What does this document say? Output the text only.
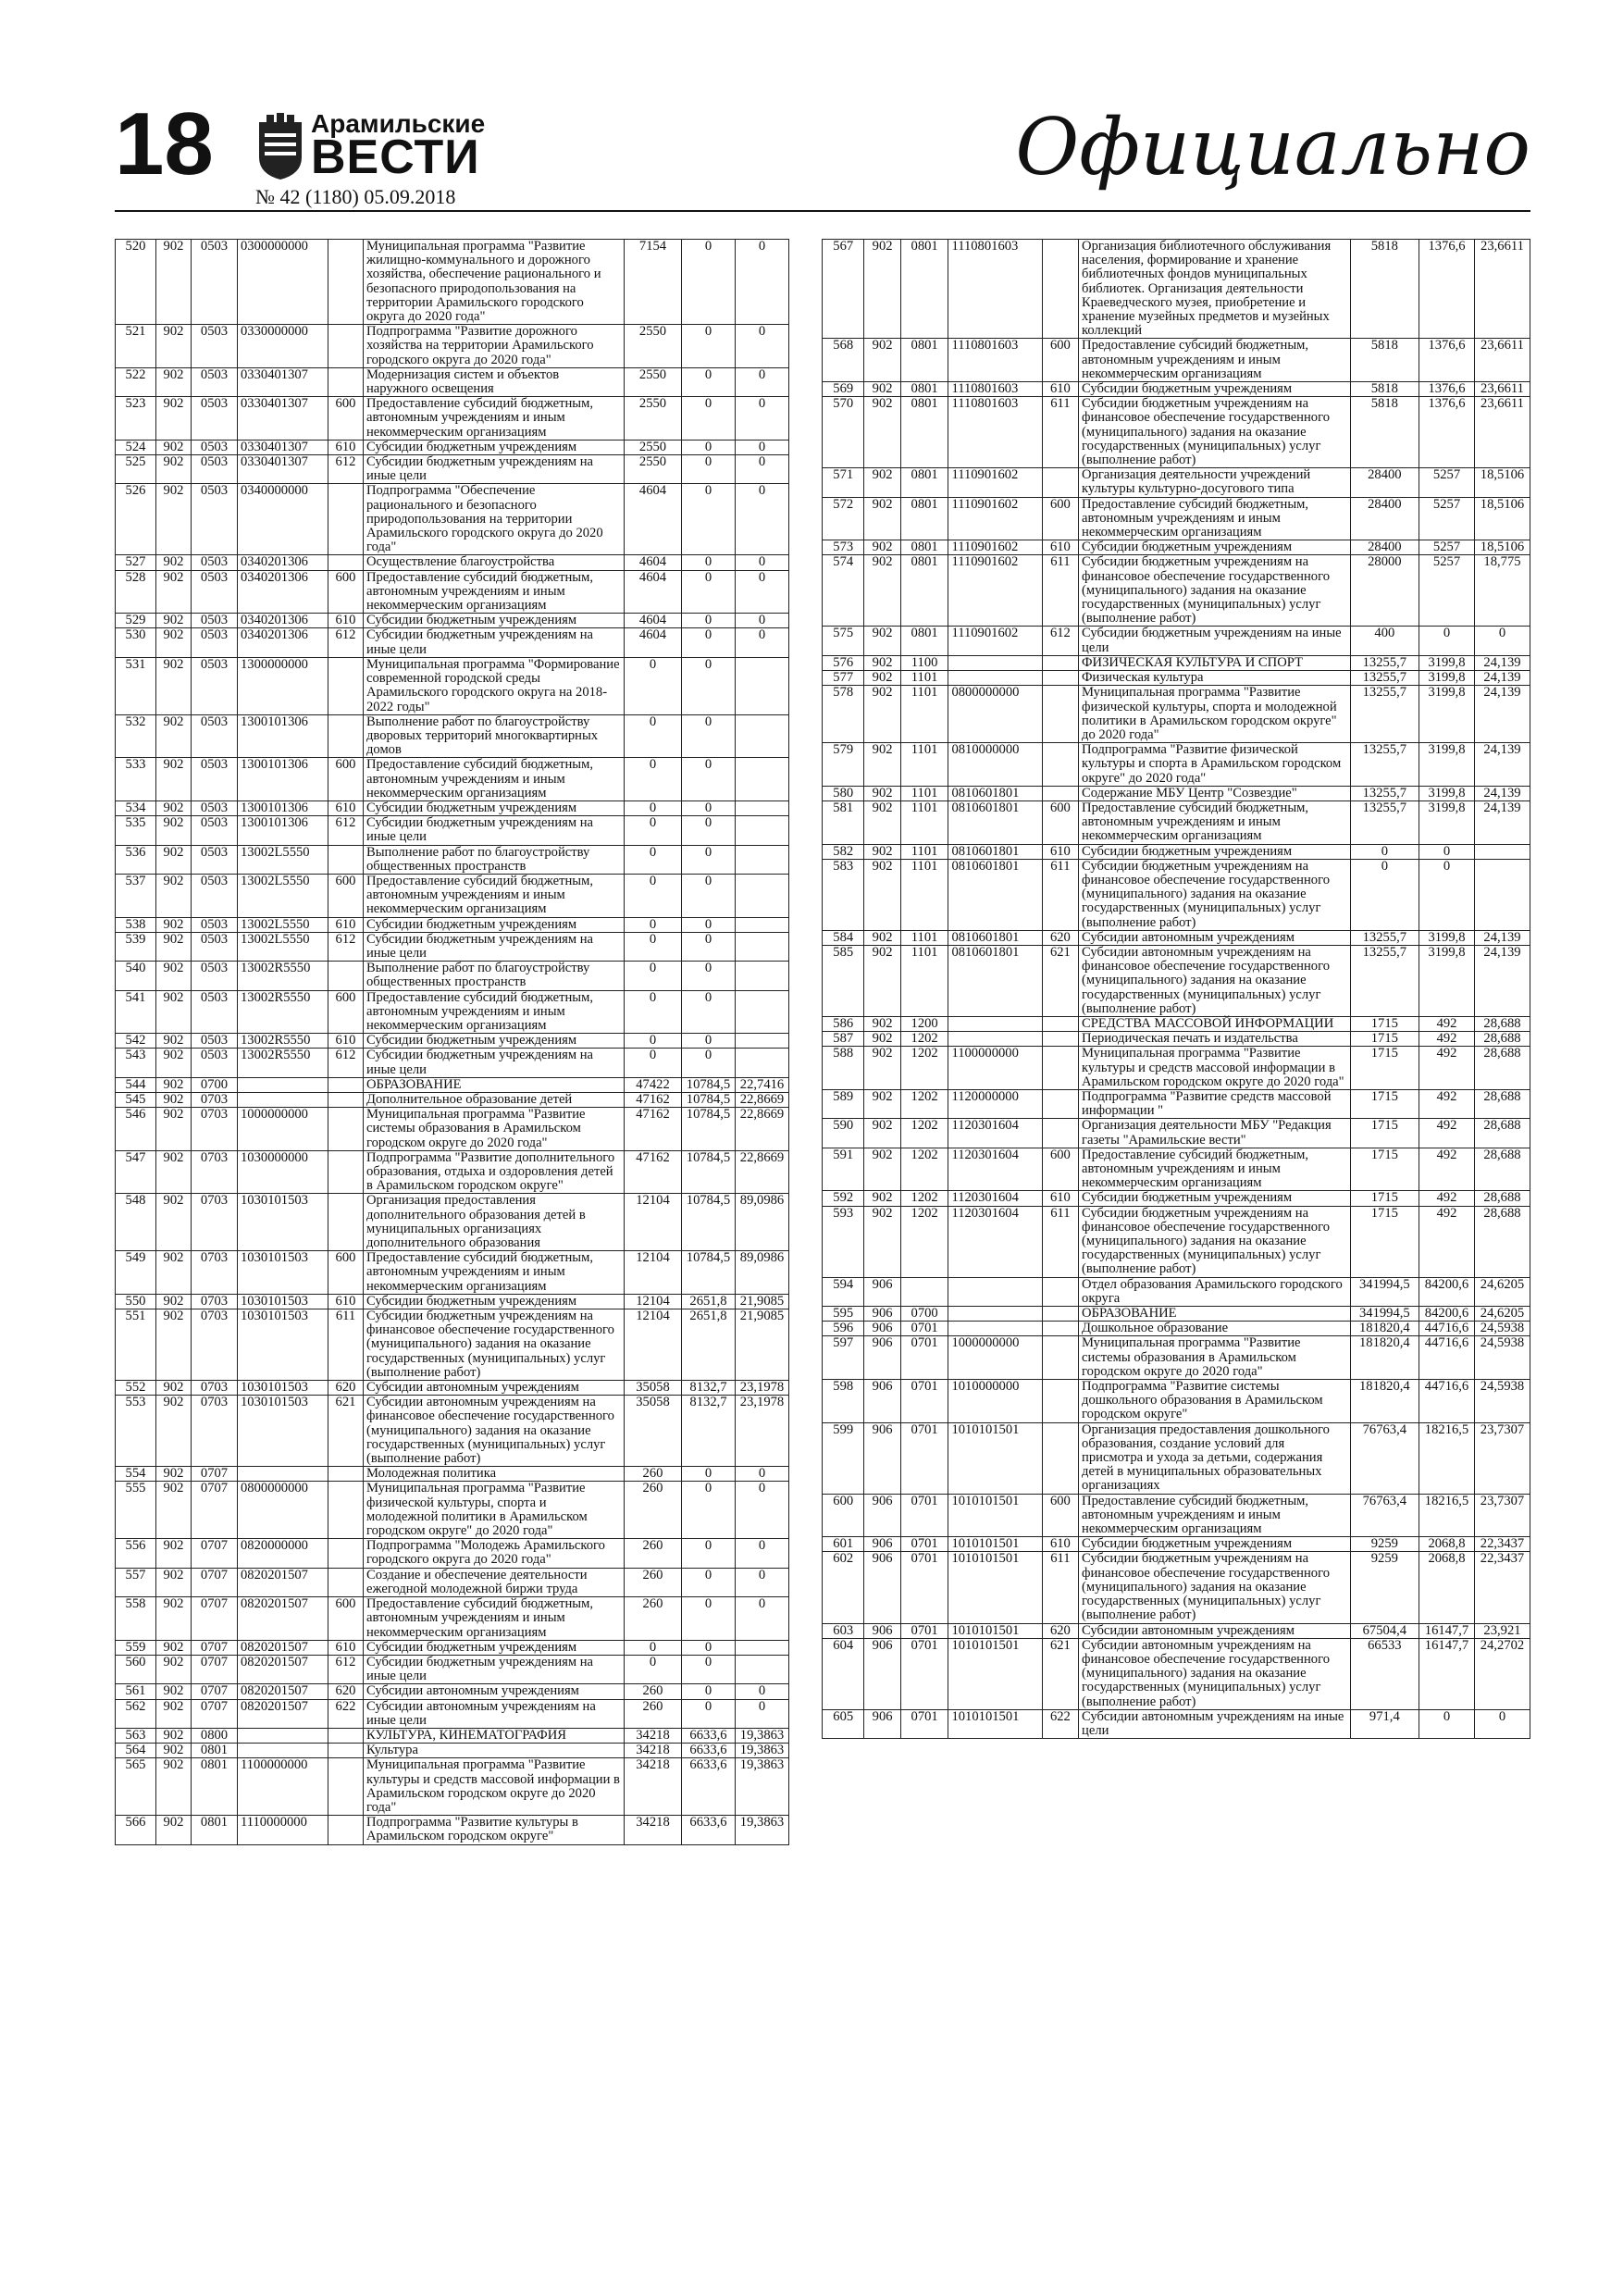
18	Арамильские
ВЕСТИ
№ 42 (1180) 05.09.2018
Официально
520	902	0503	0300000000		Муниципальная программа "Развитие жилищно-коммунального и дорожного хозяйства, обеспечение рационального и безопасного природопользования на территории Арамильского городского округа до 2020 года"	7154	0	0
521	902	0503	0330000000		Подпрограмма "Развитие дорожного хозяйства на территории Арамильского городского округа до 2020 года"	2550	0	0
522	902	0503	0330401307		Модернизация систем и объектов наружного освещения	2550	0	0
523	902	0503	0330401307	600	Предоставление субсидий бюджетным, автономным учреждениям и иным некоммерческим организациям	2550	0	0
524	902	0503	0330401307	610	Субсидии бюджетным учреждениям	2550	0	0
525	902	0503	0330401307	612	Субсидии бюджетным учреждениям на иные цели	2550	0	0
526	902	0503	0340000000		Подпрограмма "Обеспечение рационального и безопасного природопользования на территории Арамильского городского округа до 2020 года"	4604	0	0
527	902	0503	0340201306		Осуществление благоустройства	4604	0	0
528	902	0503	0340201306	600	Предоставление субсидий бюджетным, автономным учреждениям и иным некоммерческим организациям	4604	0	0
529	902	0503	0340201306	610	Субсидии бюджетным учреждениям	4604	0	0
530	902	0503	0340201306	612	Субсидии бюджетным учреждениям на иные цели	4604	0	0
531	902	0503	1300000000		Муниципальная программа "Формирование современной городской среды Арамильского городского округа на 2018-2022 годы"	0	0	
532	902	0503	1300101306		Выполнение работ по благоустройству дворовых территорий многоквартирных домов	0	0	
533	902	0503	1300101306	600	Предоставление субсидий бюджетным, автономным учреждениям и иным некоммерческим организациям	0	0	
534	902	0503	1300101306	610	Субсидии бюджетным учреждениям	0	0	
535	902	0503	1300101306	612	Субсидии бюджетным учреждениям на иные цели	0	0	
536	902	0503	13002L5550		Выполнение работ по благоустройству общественных пространств	0	0	
537	902	0503	13002L5550	600	Предоставление субсидий бюджетным, автономным учреждениям и иным некоммерческим организациям	0	0	
538	902	0503	13002L5550	610	Субсидии бюджетным учреждениям	0	0	
539	902	0503	13002L5550	612	Субсидии бюджетным учреждениям на иные цели	0	0	
540	902	0503	13002R5550		Выполнение работ по благоустройству общественных пространств	0	0	
541	902	0503	13002R5550	600	Предоставление субсидий бюджетным, автономным учреждениям и иным некоммерческим организациям	0	0	
542	902	0503	13002R5550	610	Субсидии бюджетным учреждениям	0	0	
543	902	0503	13002R5550	612	Субсидии бюджетным учреждениям на иные цели	0	0	
544	902	0700			ОБРАЗОВАНИЕ	47422	10784,5	22,7416
545	902	0703			Дополнительное образование детей	47162	10784,5	22,8669
546	902	0703	1000000000		Муниципальная программа "Развитие системы образования в Арамильском городском округе до 2020 года"	47162	10784,5	22,8669
547	902	0703	1030000000		Подпрограмма "Развитие дополнительного образования, отдыха и оздоровления детей в Арамильском городском округе"	47162	10784,5	22,8669
548	902	0703	1030101503		Организация предоставления дополнительного образования детей в муниципальных организациях дополнительного образования	12104	10784,5	89,0986
549	902	0703	1030101503	600	Предоставление субсидий бюджетным, автономным учреждениям и иным некоммерческим организациям	12104	10784,5	89,0986
550	902	0703	1030101503	610	Субсидии бюджетным учреждениям	12104	2651,8	21,9085
551	902	0703	1030101503	611	Субсидии бюджетным учреждениям на финансовое обеспечение государственного (муниципального) задания на оказание государственных (муниципальных) услуг (выполнение работ)	12104	2651,8	21,9085
552	902	0703	1030101503	620	Субсидии автономным учреждениям	35058	8132,7	23,1978
553	902	0703	1030101503	621	Субсидии автономным учреждениям на финансовое обеспечение государственного (муниципального) задания на оказание государственных (муниципальных) услуг (выполнение работ)	35058	8132,7	23,1978
554	902	0707			Молодежная политика	260	0	0
555	902	0707	0800000000		Муниципальная программа "Развитие физической культуры, спорта и молодежной политики в Арамильском городском округе" до 2020 года"	260	0	0
556	902	0707	0820000000		Подпрограмма "Молодежь Арамильского городского округа до 2020 года"	260	0	0
557	902	0707	0820201507		Создание и обеспечение деятельности ежегодной молодежной биржи труда	260	0	0
558	902	0707	0820201507	600	Предоставление субсидий бюджетным, автономным учреждениям и иным некоммерческим организациям	260	0	0
559	902	0707	0820201507	610	Субсидии бюджетным учреждениям	0	0	
560	902	0707	0820201507	612	Субсидии бюджетным учреждениям на иные цели	0	0	
561	902	0707	0820201507	620	Субсидии автономным учреждениям	260	0	0
562	902	0707	0820201507	622	Субсидии автономным учреждениям на иные цели	260	0	0
563	902	0800			КУЛЬТУРА, КИНЕМАТОГРАФИЯ	34218	6633,6	19,3863
564	902	0801			Культура	34218	6633,6	19,3863
565	902	0801	1100000000		Муниципальная программа "Развитие культуры и средств массовой информации в Арамильском городском округе до 2020 года"	34218	6633,6	19,3863
566	902	0801	1110000000		Подпрограмма "Развитие культуры в Арамильском городском округе"	34218	6633,6	19,3863
567	902	0801	1110801603		Организация библиотечного обслуживания населения, формирование и хранение библиотечных фондов муниципальных библиотек. Организация деятельности Краеведческого музея, приобретение и хранение музейных предметов и музейных коллекций	5818	1376,6	23,6611
568	902	0801	1110801603	600	Предоставление субсидий бюджетным, автономным учреждениям и иным некоммерческим организациям	5818	1376,6	23,6611
569	902	0801	1110801603	610	Субсидии бюджетным учреждениям	5818	1376,6	23,6611
570	902	0801	1110801603	611	Субсидии бюджетным учреждениям на финансовое обеспечение государственного (муниципального) задания на оказание государственных (муниципальных) услуг (выполнение работ)	5818	1376,6	23,6611
571	902	0801	1110901602		Организация деятельности учреждений культуры культурно-досугового типа	28400	5257	18,5106
572	902	0801	1110901602	600	Предоставление субсидий бюджетным, автономным учреждениям и иным некоммерческим организациям	28400	5257	18,5106
573	902	0801	1110901602	610	Субсидии бюджетным учреждениям	28400	5257	18,5106
574	902	0801	1110901602	611	Субсидии бюджетным учреждениям на финансовое обеспечение государственного (муниципального) задания на оказание государственных (муниципальных) услуг (выполнение работ)	28000	5257	18,775
575	902	0801	1110901602	612	Субсидии бюджетным учреждениям на иные цели	400	0	0
576	902	1100			ФИЗИЧЕСКАЯ КУЛЬТУРА И СПОРТ	13255,7	3199,8	24,139
577	902	1101			Физическая культура	13255,7	3199,8	24,139
578	902	1101	0800000000		Муниципальная программа "Развитие физической культуры, спорта и молодежной политики в Арамильском городском округе" до 2020 года"	13255,7	3199,8	24,139
579	902	1101	0810000000		Подпрограмма "Развитие физической культуры и спорта в Арамильском городском округе" до 2020 года"	13255,7	3199,8	24,139
580	902	1101	0810601801		Содержание МБУ Центр "Созвездие"	13255,7	3199,8	24,139
581	902	1101	0810601801	600	Предоставление субсидий бюджетным, автономным учреждениям и иным некоммерческим организациям	13255,7	3199,8	24,139
582	902	1101	0810601801	610	Субсидии бюджетным учреждениям	0	0	
583	902	1101	0810601801	611	Субсидии бюджетным учреждениям на финансовое обеспечение государственного (муниципального) задания на оказание государственных (муниципальных) услуг (выполнение работ)	0	0	
584	902	1101	0810601801	620	Субсидии автономным учреждениям	13255,7	3199,8	24,139
585	902	1101	0810601801	621	Субсидии автономным учреждениям на финансовое обеспечение государственного (муниципального) задания на оказание государственных (муниципальных) услуг (выполнение работ)	13255,7	3199,8	24,139
586	902	1200			СРЕДСТВА МАССОВОЙ ИНФОРМАЦИИ	1715	492	28,688
587	902	1202			Периодическая печать и издательства	1715	492	28,688
588	902	1202	1100000000		Муниципальная программа "Развитие культуры и средств массовой информации в Арамильском городском округе до 2020 года"	1715	492	28,688
589	902	1202	1120000000		Подпрограмма "Развитие средств массовой информации "	1715	492	28,688
590	902	1202	1120301604		Организация деятельности МБУ "Редакция газеты "Арамильские вести"	1715	492	28,688
591	902	1202	1120301604	600	Предоставление субсидий бюджетным, автономным учреждениям и иным некоммерческим организациям	1715	492	28,688
592	902	1202	1120301604	610	Субсидии бюджетным учреждениям	1715	492	28,688
593	902	1202	1120301604	611	Субсидии бюджетным учреждениям на финансовое обеспечение государственного (муниципального) задания на оказание государственных (муниципальных) услуг (выполнение работ)	1715	492	28,688
594	906				Отдел образования Арамильского городского округа	341994,5	84200,6	24,6205
595	906	0700			ОБРАЗОВАНИЕ	341994,5	84200,6	24,6205
596	906	0701			Дошкольное образование	181820,4	44716,6	24,5938
597	906	0701	1000000000		Муниципальная программа "Развитие системы образования в Арамильском городском округе до 2020 года"	181820,4	44716,6	24,5938
598	906	0701	1010000000		Подпрограмма "Развитие системы дошкольного образования в Арамильском городском округе"	181820,4	44716,6	24,5938
599	906	0701	1010101501		Организация предоставления дошкольного образования, создание условий для присмотра и ухода за детьми, содержания детей в муниципальных образовательных организациях	76763,4	18216,5	23,7307
600	906	0701	1010101501	600	Предоставление субсидий бюджетным, автономным учреждениям и иным некоммерческим организациям	76763,4	18216,5	23,7307
601	906	0701	1010101501	610	Субсидии бюджетным учреждениям	9259	2068,8	22,3437
602	906	0701	1010101501	611	Субсидии бюджетным учреждениям на финансовое обеспечение государственного (муниципального) задания на оказание государственных (муниципальных) услуг (выполнение работ)	9259	2068,8	22,3437
603	906	0701	1010101501	620	Субсидии автономным учреждениям	67504,4	16147,7	23,921
604	906	0701	1010101501	621	Субсидии автономным учреждениям на финансовое обеспечение государственного (муниципального) задания на оказание государственных (муниципальных) услуг (выполнение работ)	66533	16147,7	24,2702
605	906	0701	1010101501	622	Субсидии автономным учреждениям на иные цели	971,4	0	0
